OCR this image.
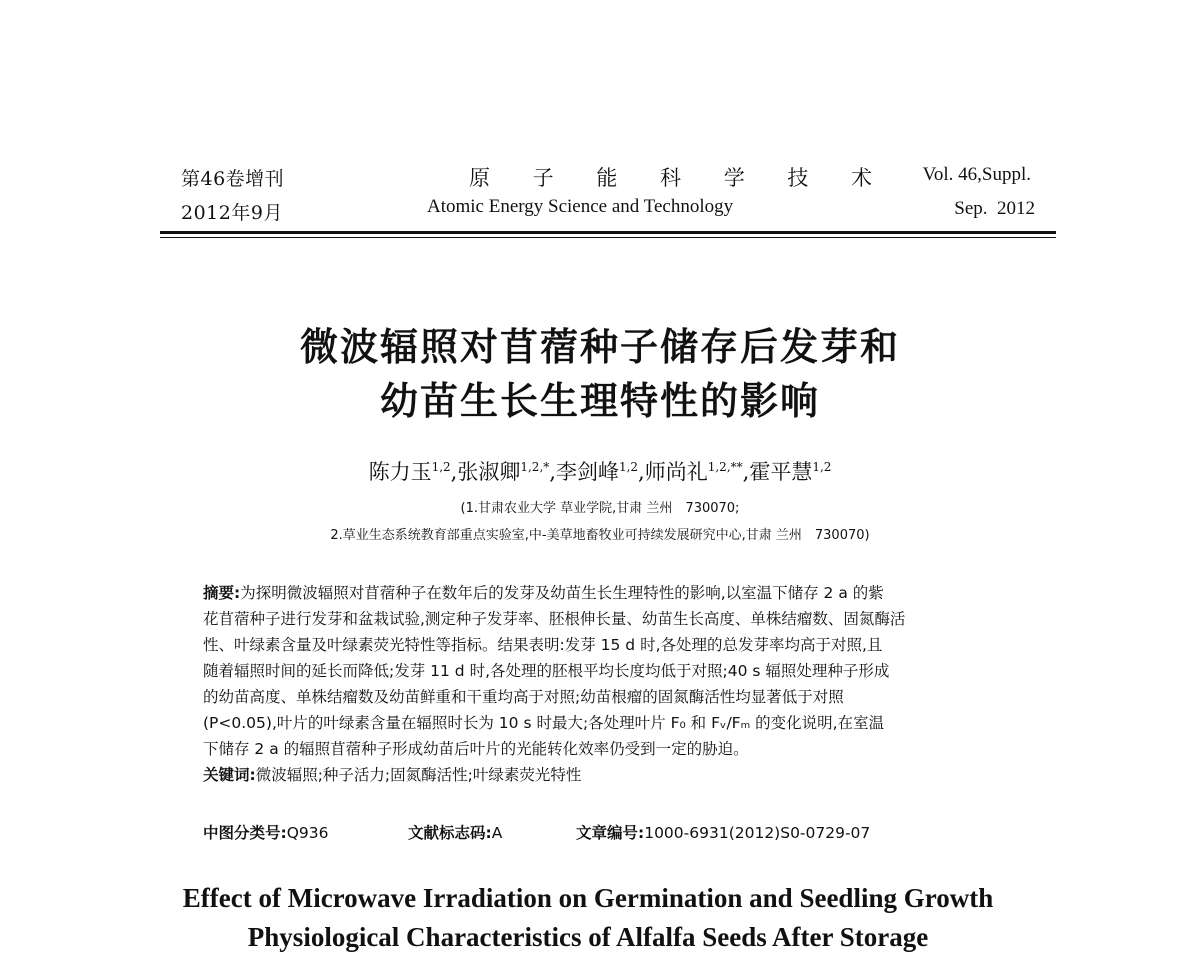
第46卷增刊
2012年9月
原 子 能 科 学 技 术
Atomic Energy Science and Technology
Vol. 46,Suppl.
Sep.  2012
微波辐照对苜蓿种子储存后发芽和
幼苗生长生理特性的影响
陈力玉$^{1,2}$,张淑卿$^{1,2,*}$,李剑峰$^{1,2}$,师尚礼$^{1,2,**}$,霍平慧$^{1,2}$
(1.甘肃农业大学 草业学院,甘肃 兰州　730070;
2.草业生态系统教育部重点实验室,中-美草地畜牧业可持续发展研究中心,甘肃 兰州　730070)

摘要:为探明微波辐照对苜蓿种子在数年后的发芽及幼苗生长生理特性的影响,以室温下储存 2 a 的紫

花苜蓿种子进行发芽和盆栽试验,测定种子发芽率、胚根伸长量、幼苗生长高度、单株结瘤数、固氮酶活

性、叶绿素含量及叶绿素荧光特性等指标。结果表明:发芽 15 d 时,各处理的总发芽率均高于对照,且

随着辐照时间的延长而降低;发芽 11 d 时,各处理的胚根平均长度均低于对照;40 s 辐照处理种子形成

的幼苗高度、单株结瘤数及幼苗鲜重和干重均高于对照;幼苗根瘤的固氮酶活性均显著低于对照

(P<0.05),叶片的叶绿素含量在辐照时长为 10 s 时最大;各处理叶片 F₀ 和 Fᵥ/Fₘ 的变化说明,在室温

下储存 2 a 的辐照苜蓿种子形成幼苗后叶片的光能转化效率仍受到一定的胁迫。

关键词:微波辐照;种子活力;固氮酶活性;叶绿素荧光特性

中图分类号:Q936	文献标志码:A	文章编号:1000-6931(2012)S0-0729-07
Effect of Microwave Irradiation on Germination and Seedling Growth
Physiological Characteristics of Alfalfa Seeds After Storage
